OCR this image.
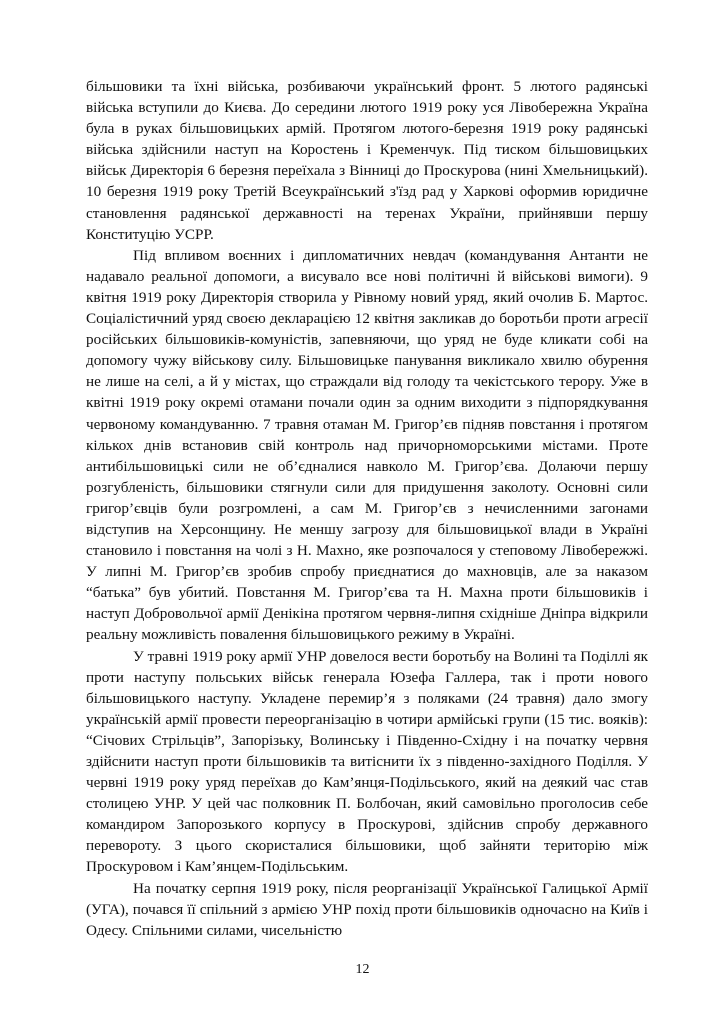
більшовики та їхні війська, розбиваючи український фронт. 5 лютого радянські війська вступили до Києва. До середини лютого 1919 року уся Лівобережна Україна була в руках більшовицьких армій. Протягом лютого-березня 1919 року радянські війська здійснили наступ на Коростень і Кременчук. Під тиском більшовицьких військ Директорія 6 березня переїхала з Вінниці до Проскурова (нині Хмельницький). 10 березня 1919 року Третій Всеукраїнський з'їзд рад у Харкові оформив юридичне становлення радянської державності на теренах України, прийнявши першу Конституцію УСРР.

Під впливом воєнних і дипломатичних невдач (командування Антанти не надавало реальної допомоги, а висувало все нові політичні й військові вимоги). 9 квітня 1919 року Директорія створила у Рівному новий уряд, який очолив Б. Мартос. Соціалістичний уряд своєю декларацією 12 квітня закликав до боротьби проти агресії російських більшовиків-комуністів, запевняючи, що уряд не буде кликати собі на допомогу чужу військову силу. Більшовицьке панування викликало хвилю обурення не лише на селі, а й у містах, що страждали від голоду та чекістського терору. Уже в квітні 1919 року окремі отамани почали один за одним виходити з підпорядкування червоному командуванню. 7 травня отаман М. Григор’єв підняв повстання і протягом кількох днів встановив свій контроль над причорноморськими містами. Проте антибільшовицькі сили не об’єдналися навколо М. Григор’єва. Долаючи першу розгубленість, більшовики стягнули сили для придушення заколоту. Основні сили григор’євців були розгромлені, а сам М. Григор’єв з нечисленними загонами відступив на Херсонщину. Не меншу загрозу для більшовицької влади в Україні становило і повстання на чолі з Н. Махно, яке розпочалося у степовому Лівобережжі. У липні М. Григор’єв зробив спробу приєднатися до махновців, але за наказом “батька” був убитий. Повстання М. Григор’єва та Н. Махна проти більшовиків і наступ Добровольчої армії Денікіна протягом червня-липня східніше Дніпра відкрили реальну можливість повалення більшовицького режиму в Україні.

У травні 1919 року армії УНР довелося вести боротьбу на Волині та Поділлі як проти наступу польських військ генерала Юзефа Галлера, так і проти нового більшовицького наступу. Укладене перемир’я з поляками (24 травня) дало змогу українській армії провести переорганізацію в чотири армійські групи (15 тис. вояків): “Січових Стрільців”, Запорізьку, Волинську і Південно-Східну і на початку червня здійснити наступ проти більшовиків та витіснити їх з південно-західного Поділля. У червні 1919 року уряд переїхав до Кам’янця-Подільського, який на деякий час став столицею УНР. У цей час полковник П. Болбочан, який самовільно проголосив себе командиром Запорозького корпусу в Проскурові, здійснив спробу державного перевороту. З цього скористалися більшовики, щоб зайняти територію між Проскуровом і Кам’янцем-Подільським.

На початку серпня 1919 року, після реорганізації Української Галицької Армії (УГА), почався її спільний з армією УНР похід проти більшовиків одночасно на Київ і Одесу. Спільними силами, чисельністю

12
